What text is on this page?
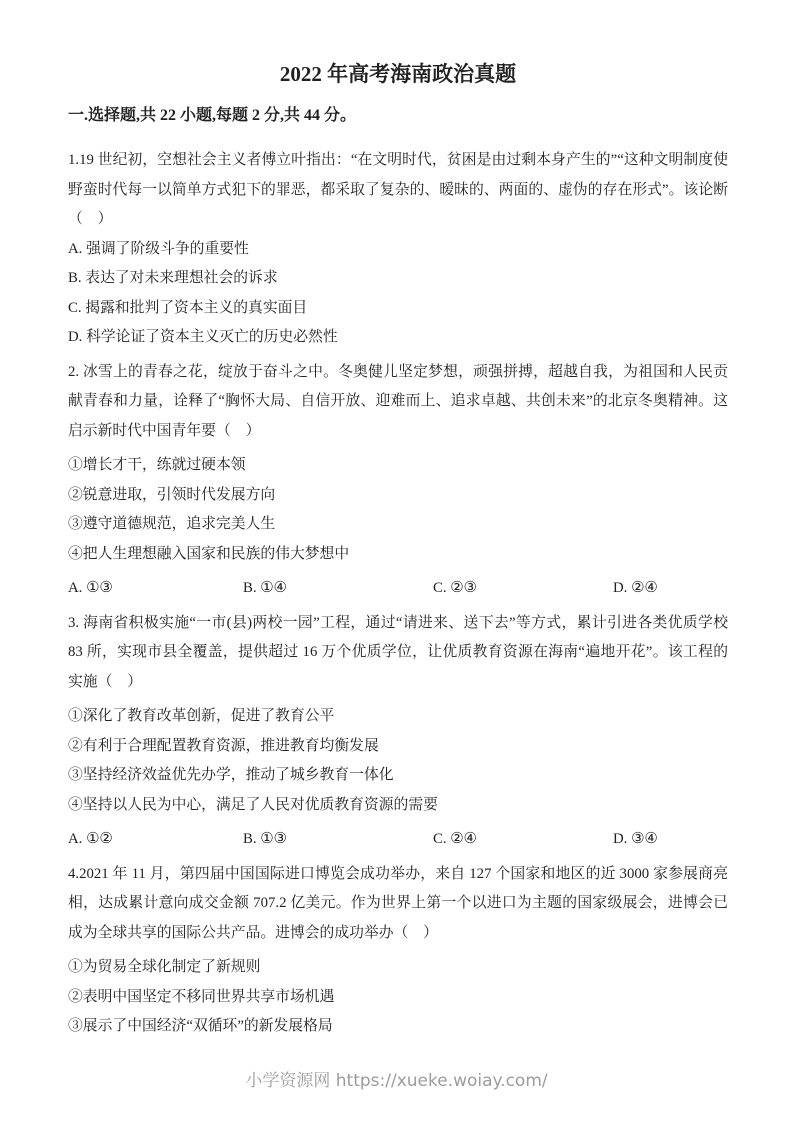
2022 年高考海南政治真题
一.选择题,共 22 小题,每题 2 分,共 44 分。

1.19 世纪初，空想社会主义者傅立叶指出：“在文明时代，贫困是由过剩本身产生的”“这种文明制度使野蛮时代每一以简单方式犯下的罪恶，都采取了复杂的、暧昧的、两面的、虚伪的存在形式”。该论断（　）

A. 强调了阶级斗争的重要性

B. 表达了对未来理想社会的诉求

C. 揭露和批判了资本主义的真实面目

D. 科学论证了资本主义灭亡的历史必然性

2. 冰雪上的青春之花，绽放于奋斗之中。冬奥健儿坚定梦想，顽强拼搏，超越自我，为祖国和人民贡献青春和力量，诠释了“胸怀大局、自信开放、迎难而上、追求卓越、共创未来”的北京冬奥精神。这启示新时代中国青年要（　）

①增长才干，练就过硬本领

②锐意进取，引领时代发展方向

③遵守道德规范，追求完美人生

④把人生理想融入国家和民族的伟大梦想中

A. ①③	B. ①④	C. ②③	D. ②④

3. 海南省积极实施“一市(县)两校一园”工程，通过“请进来、送下去”等方式，累计引进各类优质学校 83 所，实现市县全覆盖，提供超过 16 万个优质学位，让优质教育资源在海南“遍地开花”。该工程的实施（　）

①深化了教育改革创新，促进了教育公平

②有利于合理配置教育资源，推进教育均衡发展

③坚持经济效益优先办学，推动了城乡教育一体化

④坚持以人民为中心，满足了人民对优质教育资源的需要

A. ①②	B. ①③	C. ②④	D. ③④

4.2021 年 11 月，第四届中国国际进口博览会成功举办，来自 127 个国家和地区的近 3000 家参展商亮相，达成累计意向成交金额 707.2 亿美元。作为世界上第一个以进口为主题的国家级展会，进博会已成为全球共享的国际公共产品。进博会的成功举办（　）

①为贸易全球化制定了新规则

②表明中国坚定不移同世界共享市场机遇

③展示了中国经济“双循环”的新发展格局

小学资源网 https://xueke.woiay.com/
